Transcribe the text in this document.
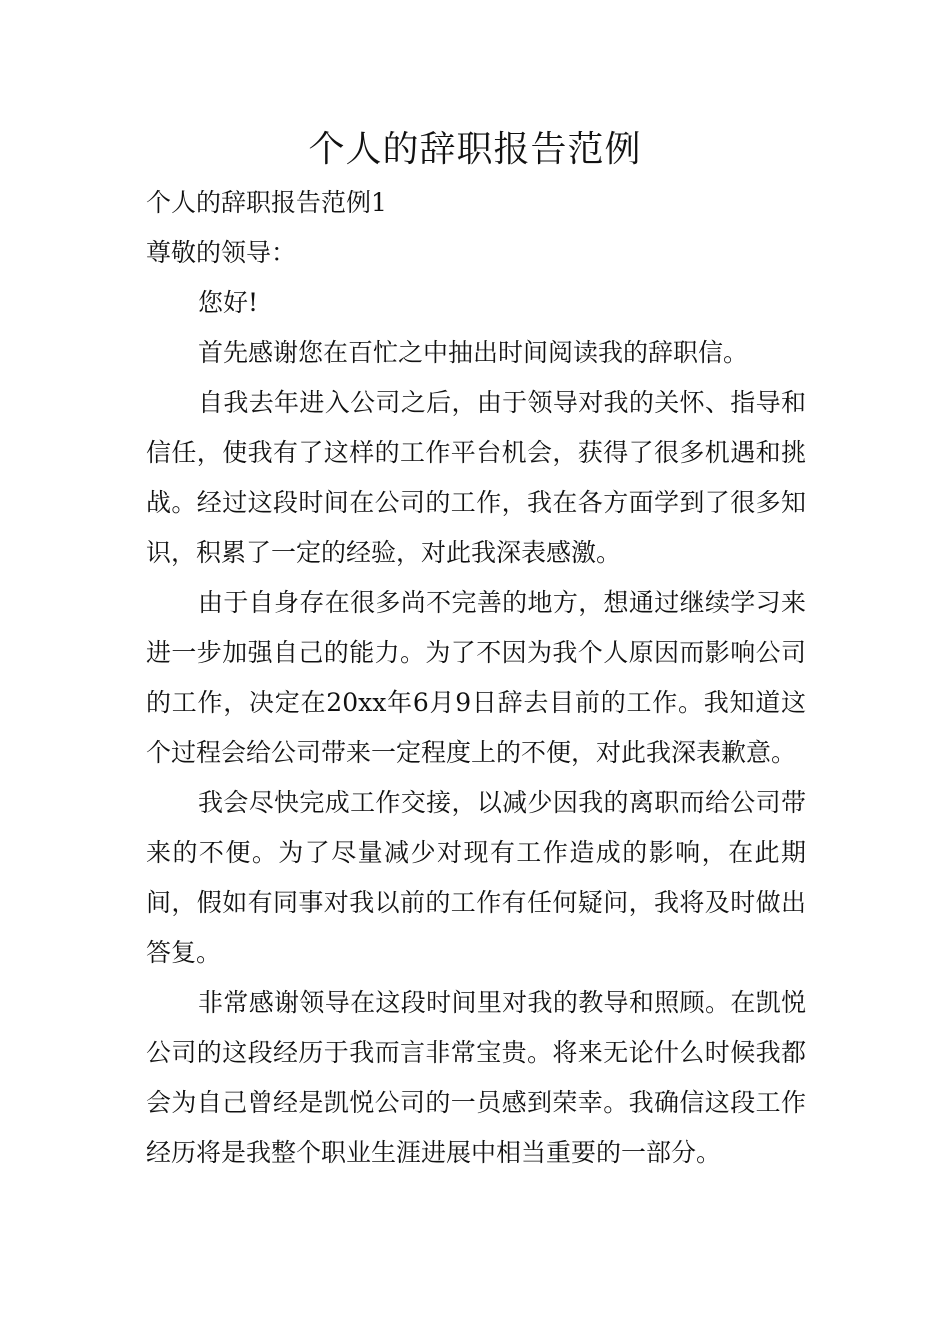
个人的辞职报告范例

个人的辞职报告范例1

尊敬的领导：

您好!

首先感谢您在百忙之中抽出时间阅读我的辞职信。

自我去年进入公司之后，由于领导对我的关怀、指导和信任，使我有了这样的工作平台机会，获得了很多机遇和挑战。经过这段时间在公司的工作，我在各方面学到了很多知识，积累了一定的经验，对此我深表感激。

由于自身存在很多尚不完善的地方，想通过继续学习来进一步加强自己的能力。为了不因为我个人原因而影响公司的工作，决定在20xx年6月9日辞去目前的工作。我知道这个过程会给公司带来一定程度上的不便，对此我深表歉意。

我会尽快完成工作交接，以减少因我的离职而给公司带来的不便。为了尽量减少对现有工作造成的影响，在此期间，假如有同事对我以前的工作有任何疑问，我将及时做出答复。

非常感谢领导在这段时间里对我的教导和照顾。在凯悦公司的这段经历于我而言非常宝贵。将来无论什么时候我都会为自己曾经是凯悦公司的一员感到荣幸。我确信这段工作经历将是我整个职业生涯进展中相当重要的一部分。
